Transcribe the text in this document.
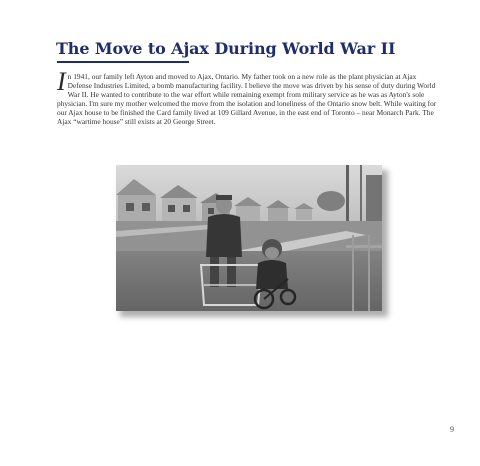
The Move to Ajax During World War II

In 1941, our family left Ayton and moved to Ajax, Ontario. My father took on a new role as the plant physician at Ajax Defense Industries Limited, a bomb manufacturing facility. I believe the move was driven by his sense of duty during World War II. He wanted to contribute to the war effort while remaining exempt from military service as he was as Ayton's sole physician. I'm sure my mother welcomed the move from the isolation and loneliness of the Ontario snow belt. While waiting for our Ajax house to be finished the Card family lived at 109 Gillard Avenue, in the east end of Toronto – near Monarch Park. The Ajax “wartime house” still exists at 20 George Street.

9
